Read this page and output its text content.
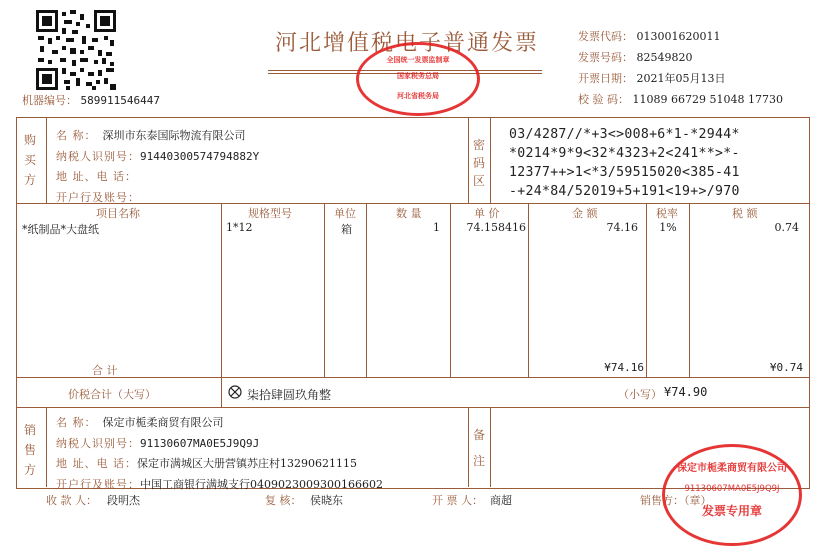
河北增值税电子普通发票
机器编号： 589911546447
发票代码： 013001620011
发票号码： 82549820
开票日期： 2021年05月13日
校 验 码： 11089 66729 51048 17730
购买方
名 称： 深圳市东泰国际物流有限公司
纳税人识别号：91440300574794882Y
地 址、电 话：
开户行及账号：
密码区
03/4287//*+3<>008+6*1-*2944*
*0214*9*9<32*4323+2<241**>*-
12377++>1<*3/59515020<385-41
-+24*84/52019+5+191<19+>/970
项目名称	规格型号	单位	数 量	单 价	金 额	税率	税 额
*纸制品*大盘纸	1*12	箱	1	74.158416	74.16	1%	0.74
合 计	¥74.16	¥0.74
价税合计（大写）	柒拾肆圆玖角整	（小写） ¥74.90
销售方
名 称： 保定市栀柔商贸有限公司
纳税人识别号：91130607MA0E5J9Q9J
地 址、电 话：保定市满城区大册营镇苏庄村13290621115
开户行及账号：中国工商银行满城支行0409023009300166602
备注
收 款 人： 段明杰	复 核： 侯晓东	开 票 人： 商超	销售方：（章）
全国统一发票监制章
国家税务总局
河北省税务局
保定市栀柔商贸有限公司
91130607MA0E5J9Q9J
发票专用章
